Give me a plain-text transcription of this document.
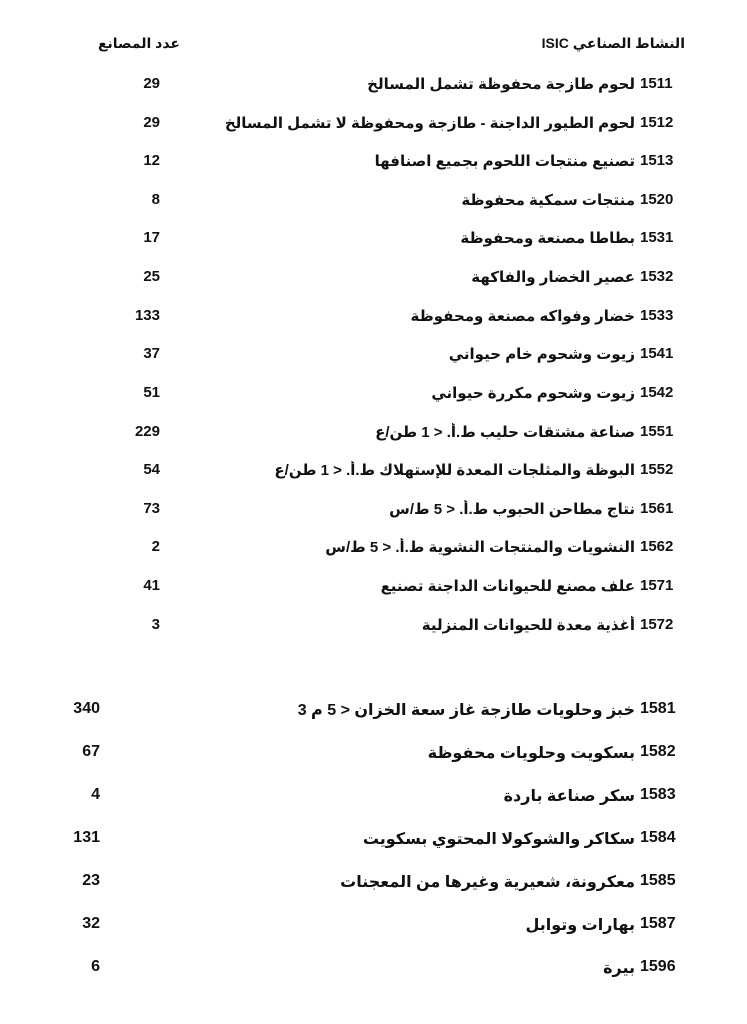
النشاط الصناعي ISIC
عدد المصانع
1511
لحوم طازجة محفوظة تشمل المسالخ
29
1512
لحوم الطيور الداجنة - طازجة ومحفوظة لا تشمل المسالخ
29
1513
تصنيع منتجات اللحوم بجميع اصنافها
12
1520
منتجات سمكية محفوظة
8
1531
بطاطا مصنعة ومحفوظة
17
1532
عصير الخضار والفاكهة
25
1533
خضار وفواكه مصنعة ومحفوظة
133
1541
زيوت وشحوم خام حيواني
37
1542
زيوت وشحوم مكررة حيواني
51
1551
صناعة مشتقات حليب ط.أ. < 1 طن/ع
229
1552
البوظة والمثلجات المعدة للإستهلاك ط.أ. < 1 طن/ع
54
1561
نتاج مطاحن الحبوب ط.أ. < 5 ط/س
73
1562
النشويات والمنتجات النشوية ط.أ. < 5 ط/س
2
1571
علف مصنع للحيوانات الداجنة تصنيع
41
1572
أغذية معدة للحيوانات المنزلية
3
1581
خبز وحلويات طازجة غاز سعة الخزان < 5 م 3
340
1582
بسكويت وحلويات محفوظة
67
1583
سكر صناعة باردة
4
1584
سكاكر والشوكولا المحتوي بسكويت
131
1585
معكرونة، شعيرية وغيرها من المعجنات
23
1587
بهارات وتوابل
32
1596
بيرة
6
